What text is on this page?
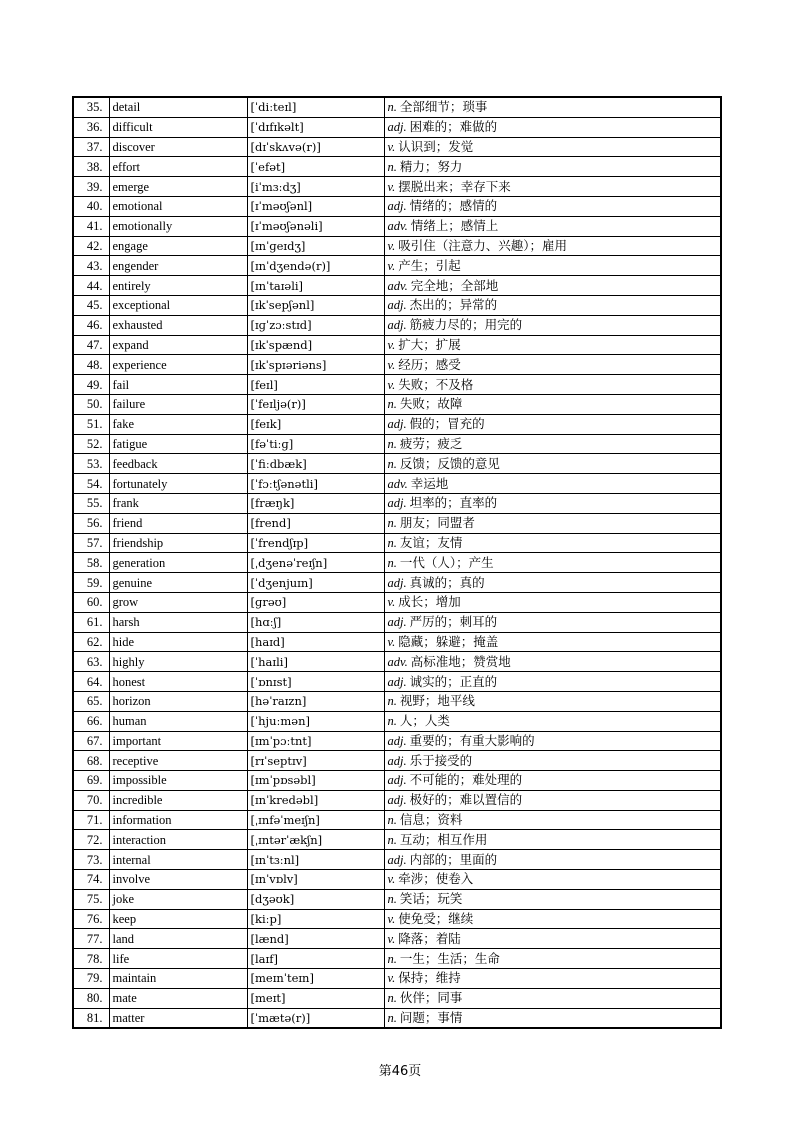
35.	detail	[ˈdiːteɪl]	n. 全部细节；琐事
36.	difficult	[ˈdɪfɪkəlt]	adj. 困难的；难做的
37.	discover	[dɪˈskʌvə(r)]	v. 认识到；发觉
38.	effort	[ˈefət]	n. 精力；努力
39.	emerge	[iˈmɜːdʒ]	v. 摆脱出来；幸存下来
40.	emotional	[ɪˈməʊʃənl]	adj. 情绪的；感情的
41.	emotionally	[ɪˈməʊʃənəli]	adv. 情绪上；感情上
42.	engage	[ɪnˈɡeɪdʒ]	v. 吸引住（注意力、兴趣）；雇用
43.	engender	[ɪnˈdʒendə(r)]	v. 产生；引起
44.	entirely	[ɪnˈtaɪəli]	adv. 完全地；全部地
45.	exceptional	[ɪkˈsepʃənl]	adj. 杰出的；异常的
46.	exhausted	[ɪɡˈzɔːstɪd]	adj. 筋疲力尽的；用完的
47.	expand	[ɪkˈspænd]	v. 扩大；扩展
48.	experience	[ɪkˈspɪəriəns]	v. 经历；感受
49.	fail	[feɪl]	v. 失败；不及格
50.	failure	[ˈfeɪljə(r)]	n. 失败；故障
51.	fake	[feɪk]	adj. 假的；冒充的
52.	fatigue	[fəˈtiːɡ]	n. 疲劳；疲乏
53.	feedback	[ˈfiːdbæk]	n. 反馈；反馈的意见
54.	fortunately	[ˈfɔːtʃənətli]	adv. 幸运地
55.	frank	[fræŋk]	adj. 坦率的；直率的
56.	friend	[frend]	n. 朋友；同盟者
57.	friendship	[ˈfrendʃɪp]	n. 友谊；友情
58.	generation	[ˌdʒenəˈreɪʃn]	n. 一代（人）；产生
59.	genuine	[ˈdʒenjuɪn]	adj. 真诚的；真的
60.	grow	[ɡrəʊ]	v. 成长；增加
61.	harsh	[hɑːʃ]	adj. 严厉的；刺耳的
62.	hide	[haɪd]	v. 隐藏；躲避；掩盖
63.	highly	[ˈhaɪli]	adv. 高标准地；赞赏地
64.	honest	[ˈɒnɪst]	adj. 诚实的；正直的
65.	horizon	[həˈraɪzn]	n. 视野；地平线
66.	human	[ˈhjuːmən]	n. 人；人类
67.	important	[ɪmˈpɔːtnt]	adj. 重要的；有重大影响的
68.	receptive	[rɪˈseptɪv]	adj. 乐于接受的
69.	impossible	[ɪmˈpɒsəbl]	adj. 不可能的；难处理的
70.	incredible	[ɪnˈkredəbl]	adj. 极好的；难以置信的
71.	information	[ˌɪnfəˈmeɪʃn]	n. 信息；资料
72.	interaction	[ˌɪntərˈækʃn]	n. 互动；相互作用
73.	internal	[ɪnˈtɜːnl]	adj. 内部的；里面的
74.	involve	[ɪnˈvɒlv]	v. 牵涉；使卷入
75.	joke	[dʒəʊk]	n. 笑话；玩笑
76.	keep	[kiːp]	v. 使免受；继续
77.	land	[lænd]	v. 降落；着陆
78.	life	[laɪf]	n. 一生；生活；生命
79.	maintain	[meɪnˈteɪn]	v. 保持；维持
80.	mate	[meɪt]	n. 伙伴；同事
81.	matter	[ˈmætə(r)]	n. 问题；事情
第46页
